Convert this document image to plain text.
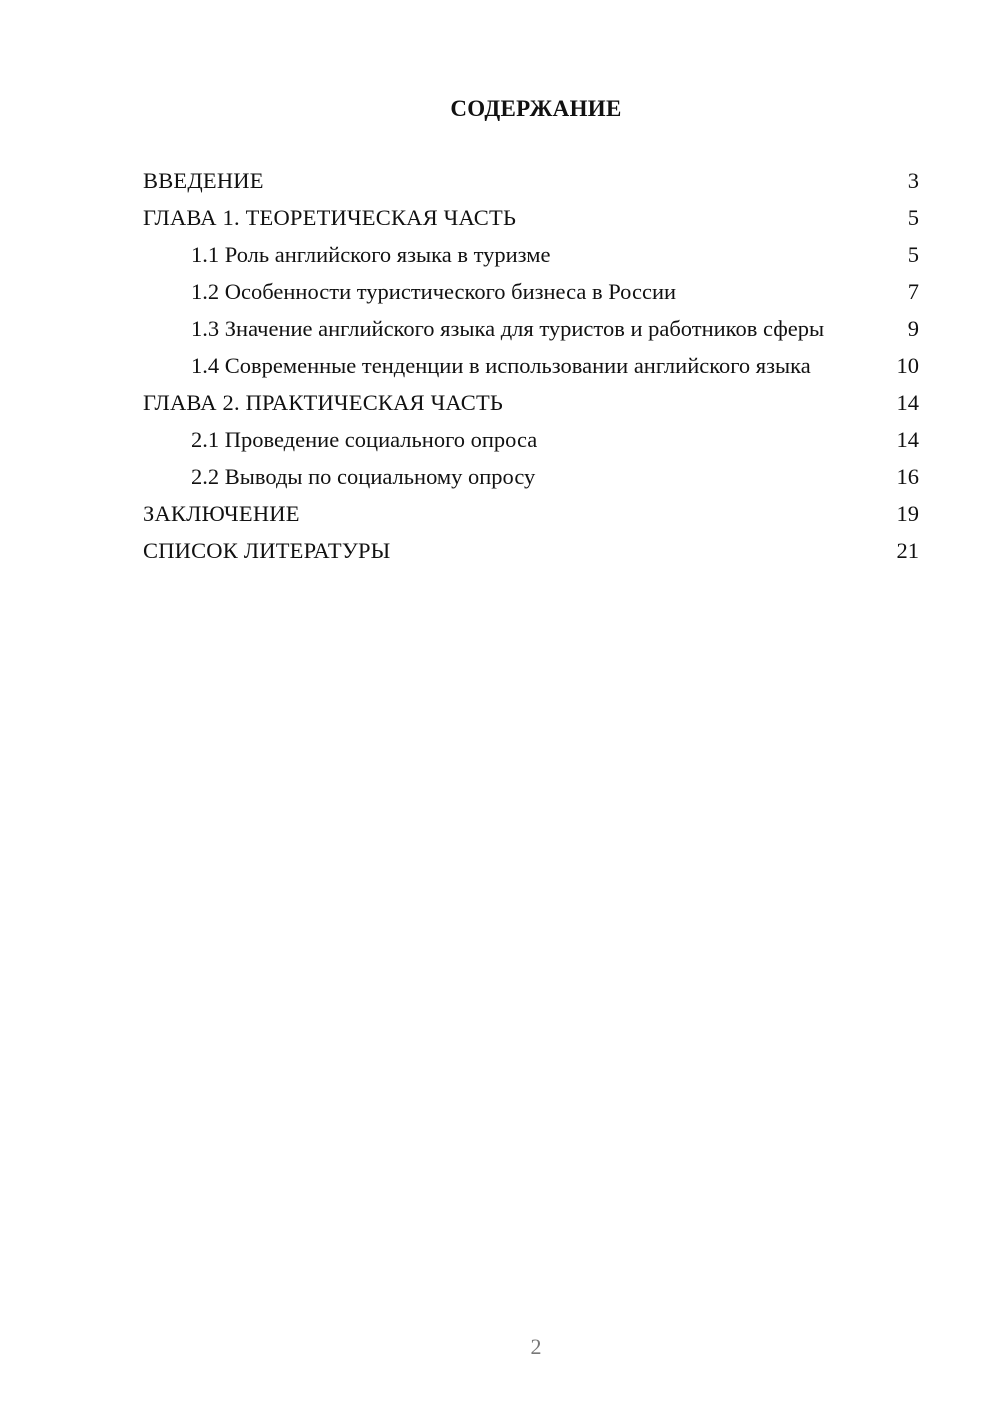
СОДЕРЖАНИЕ
ВВЕДЕНИЕ	3
ГЛАВА 1. ТЕОРЕТИЧЕСКАЯ ЧАСТЬ	5
1.1 Роль английского языка в туризме	5
1.2 Особенности туристического бизнеса в России	7
1.3 Значение английского языка для туристов и работников сферы	9
1.4 Современные тенденции в использовании английского языка	10
ГЛАВА 2. ПРАКТИЧЕСКАЯ ЧАСТЬ	14
2.1 Проведение социального опроса	14
2.2 Выводы по социальному опросу	16
ЗАКЛЮЧЕНИЕ	19
СПИСОК ЛИТЕРАТУРЫ	21
2
